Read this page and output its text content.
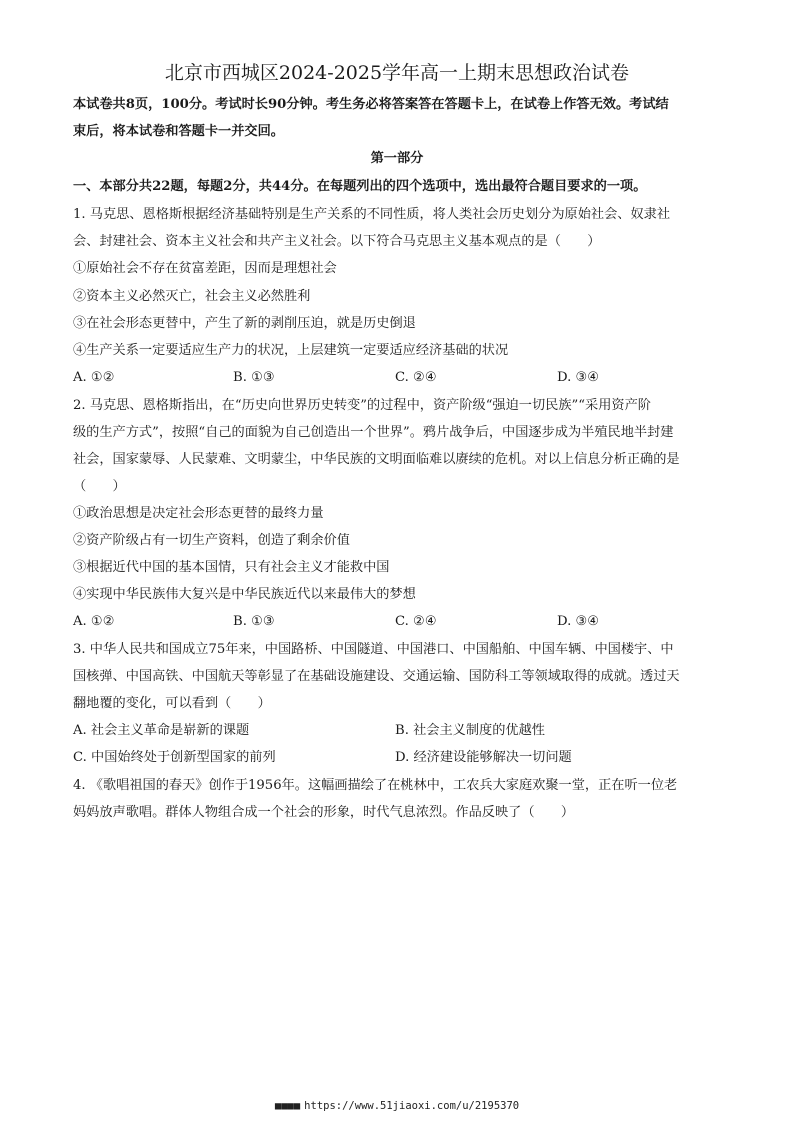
北京市西城区2024-2025学年高一上期末思想政治试卷
本试卷共8页，100分。考试时长90分钟。考生务必将答案答在答题卡上，在试卷上作答无效。考试结
束后，将本试卷和答题卡一并交回。
第一部分
一、本部分共22题，每题2分，共44分。在每题列出的四个选项中，选出最符合题目要求的一项。
1. 马克思、恩格斯根据经济基础特别是生产关系的不同性质，将人类社会历史划分为原始社会、奴隶社
会、封建社会、资本主义社会和共产主义社会。以下符合马克思主义基本观点的是（　　）
①原始社会不存在贫富差距，因而是理想社会
②资本主义必然灭亡，社会主义必然胜利
③在社会形态更替中，产生了新的剥削压迫，就是历史倒退
④生产关系一定要适应生产力的状况，上层建筑一定要适应经济基础的状况
A. ①②	B. ①③	C. ②④	D. ③④
2. 马克思、恩格斯指出，在“历史向世界历史转变”的过程中，资产阶级“强迫一切民族”“采用资产阶
级的生产方式”，按照“自己的面貌为自己创造出一个世界”。鸦片战争后，中国逐步成为半殖民地半封建
社会，国家蒙辱、人民蒙难、文明蒙尘，中华民族的文明面临难以赓续的危机。对以上信息分析正确的是
（　　）
①政治思想是决定社会形态更替的最终力量
②资产阶级占有一切生产资料，创造了剩余价值
③根据近代中国的基本国情，只有社会主义才能救中国
④实现中华民族伟大复兴是中华民族近代以来最伟大的梦想
A. ①②	B. ①③	C. ②④	D. ③④
3. 中华人民共和国成立75年来，中国路桥、中国隧道、中国港口、中国船舶、中国车辆、中国楼宇、中
国核弹、中国高铁、中国航天等彰显了在基础设施建设、交通运输、国防科工等领域取得的成就。透过天
翻地覆的变化，可以看到（　　）
A. 社会主义革命是崭新的课题	B. 社会主义制度的优越性
C. 中国始终处于创新型国家的前列	D. 经济建设能够解决一切问题
4. 《歌唱祖国的春天》创作于1956年。这幅画描绘了在桃林中，工农兵大家庭欢聚一堂，正在听一位老
妈妈放声歌唱。群体人物组合成一个社会的形象，时代气息浓烈。作品反映了（　　）
■■■■ https://www.51jiaoxi.com/u/2195370
